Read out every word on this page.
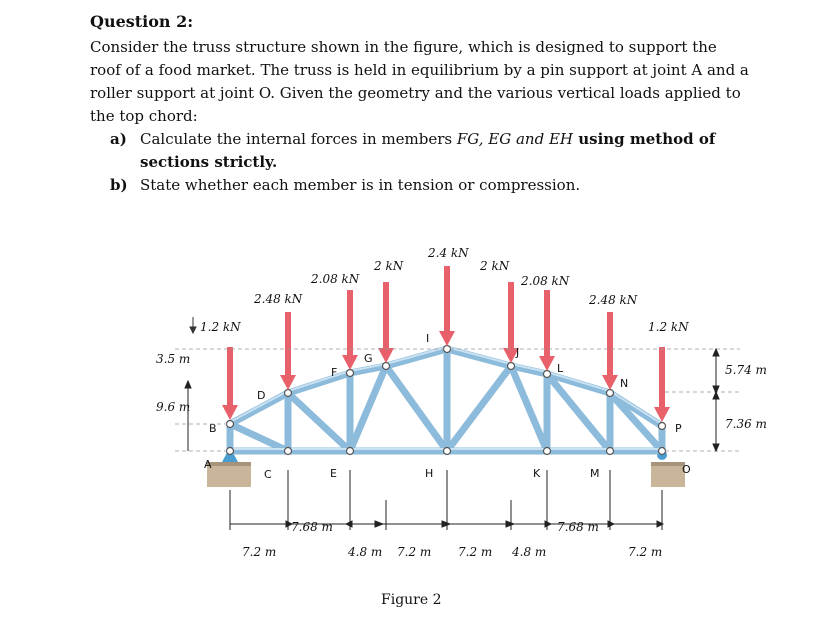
Question 2:
Consider the truss structure shown in the figure, which is designed to support the roof of a food market. The truss is held in equilibrium by a pin support at joint A and a roller support at joint O. Given the geometry and the various vertical loads applied to the top chord:
a) Calculate the internal forces in members FG, EG and EH using method of sections strictly.
b) State whether each member is in tension or compression.
1.2 kN
2.48 kN
2.08 kN
2 kN
2.4 kN
2 kN
2.08 kN
2.48 kN
1.2 kN
A
B
C
D
E
F
G
H
I
J
K
L
M
N
O
P
3.5 m
9.6 m
5.74 m
7.36 m
7.68 m
7.2 m	4.8 m 7.2 m 7.2 m 4.8 m
7.68 m
7.2 m
Figure 2
